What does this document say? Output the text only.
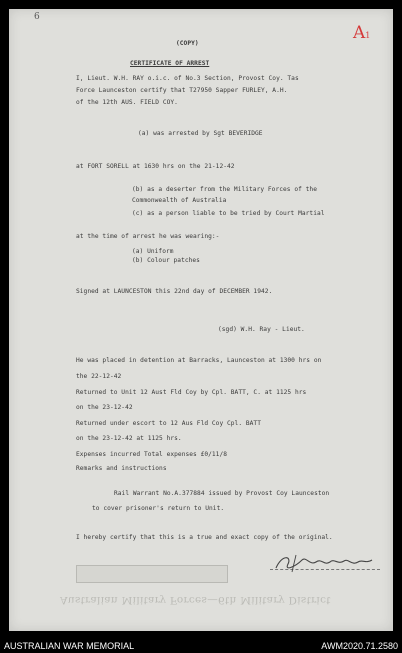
6
A1
(COPY)
CERTIFICATE OF ARREST
I, Lieut. W.H. RAY o.i.c. of No.3 Section, Provost Coy. Tas
Force Launceston certify that T27950 Sapper FURLEY, A.H.
of the 12th AUS. FIELD COY.
(a) was arrested by Sgt BEVERIDGE
at FORT SORELL at 1630 hrs on the 21-12-42
(b) as a deserter from the Military Forces of the
Commonwealth of Australia
(c) as a person liable to be tried by Court Martial
at the time of arrest he was wearing:-
(a) Uniform
(b) Colour patches
Signed at LAUNCESTON this 22nd day of DECEMBER 1942.
(sgd) W.H. Ray - Lieut.
He was placed in detention at Barracks, Launceston at 1300 hrs on
the 22-12-42
Returned to Unit 12 Aust Fld Coy by Cpl. BATT, C. at 1125 hrs
on the 23-12-42
Returned under escort to 12 Aus Fld Coy Cpl. BATT
on the 23-12-42 at 1125 hrs.
Expenses incurred Total expenses £0/11/8
Remarks and instructions
Rail Warrant No.A.377884 issued by Provost Coy Launceston
to cover prisoner's return to Unit.
I hereby certify that this is a true and exact copy of the original.
Australian Military Forces—6th Military District
AUSTRALIAN WAR MEMORIAL	AWM2020.71.2580
